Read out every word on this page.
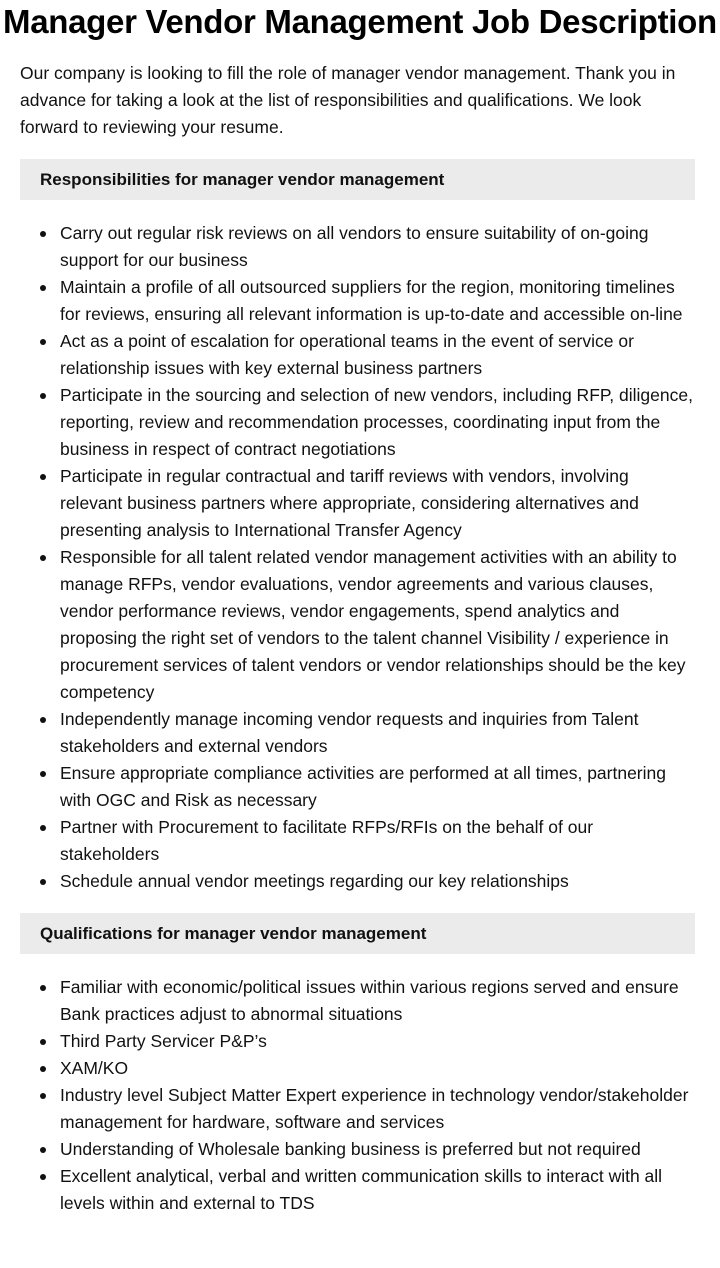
Manager Vendor Management Job Description

Our company is looking to fill the role of manager vendor management. Thank you in advance for taking a look at the list of responsibilities and qualifications. We look forward to reviewing your resume.

Responsibilities for manager vendor management
Carry out regular risk reviews on all vendors to ensure suitability of on-going support for our business
Maintain a profile of all outsourced suppliers for the region, monitoring timelines for reviews, ensuring all relevant information is up-to-date and accessible on-line
Act as a point of escalation for operational teams in the event of service or relationship issues with key external business partners
Participate in the sourcing and selection of new vendors, including RFP, diligence, reporting, review and recommendation processes, coordinating input from the business in respect of contract negotiations
Participate in regular contractual and tariff reviews with vendors, involving relevant business partners where appropriate, considering alternatives and presenting analysis to International Transfer Agency
Responsible for all talent related vendor management activities with an ability to manage RFPs, vendor evaluations, vendor agreements and various clauses, vendor performance reviews, vendor engagements, spend analytics and proposing the right set of vendors to the talent channel Visibility / experience in procurement services of talent vendors or vendor relationships should be the key competency
Independently manage incoming vendor requests and inquiries from Talent stakeholders and external vendors
Ensure appropriate compliance activities are performed at all times, partnering with OGC and Risk as necessary
Partner with Procurement to facilitate RFPs/RFIs on the behalf of our stakeholders
Schedule annual vendor meetings regarding our key relationships
Qualifications for manager vendor management
Familiar with economic/political issues within various regions served and ensure Bank practices adjust to abnormal situations
Third Party Servicer P&P’s
XAM/KO
Industry level Subject Matter Expert experience in technology vendor/stakeholder management for hardware, software and services
Understanding of Wholesale banking business is preferred but not required
Excellent analytical, verbal and written communication skills to interact with all levels within and external to TDS
